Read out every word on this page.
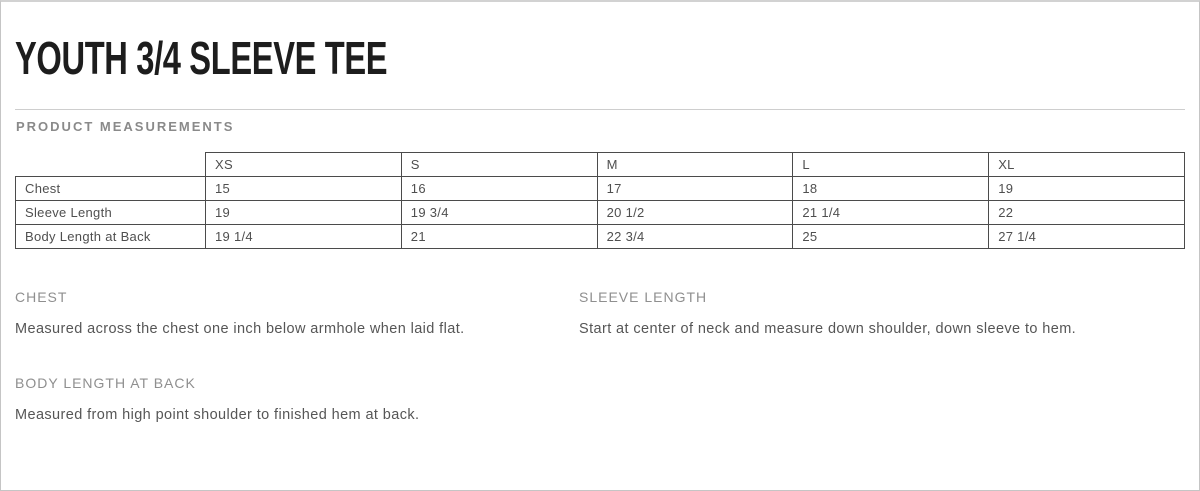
YOUTH 3/4 SLEEVE TEE
PRODUCT MEASUREMENTS
	XS	S	M	L	XL
Chest	15	16	17	18	19
Sleeve Length	19	19 3/4	20 1/2	21 1/4	22
Body Length at Back	19 1/4	21	22 3/4	25	27 1/4
CHEST

Measured across the chest one inch below armhole when laid flat.

SLEEVE LENGTH

Start at center of neck and measure down shoulder, down sleeve to hem.

BODY LENGTH AT BACK

Measured from high point shoulder to finished hem at back.
